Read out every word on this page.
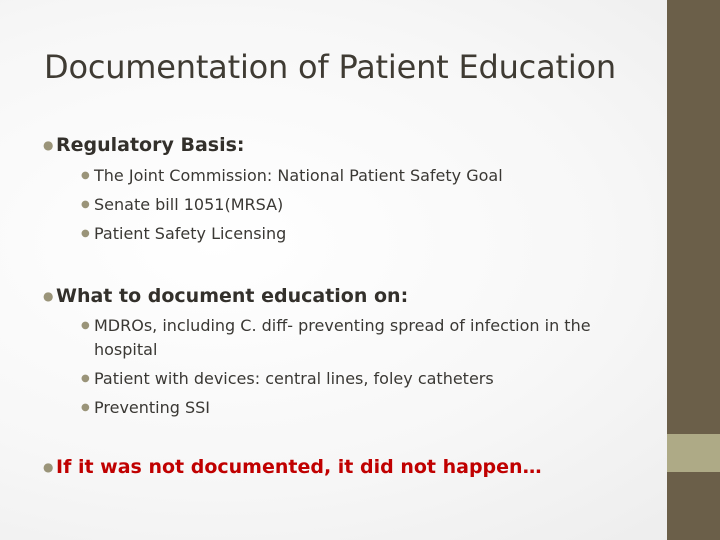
Documentation of Patient Education
● Regulatory Basis:
● The Joint Commission: National Patient Safety Goal
● Senate bill 1051(MRSA)
● Patient Safety Licensing
● What to document education on:
● MDROs, including C. diff- preventing spread of infection in the hospital
● Patient with devices: central lines, foley catheters
● Preventing SSI
● If it was not documented, it did not happen…
